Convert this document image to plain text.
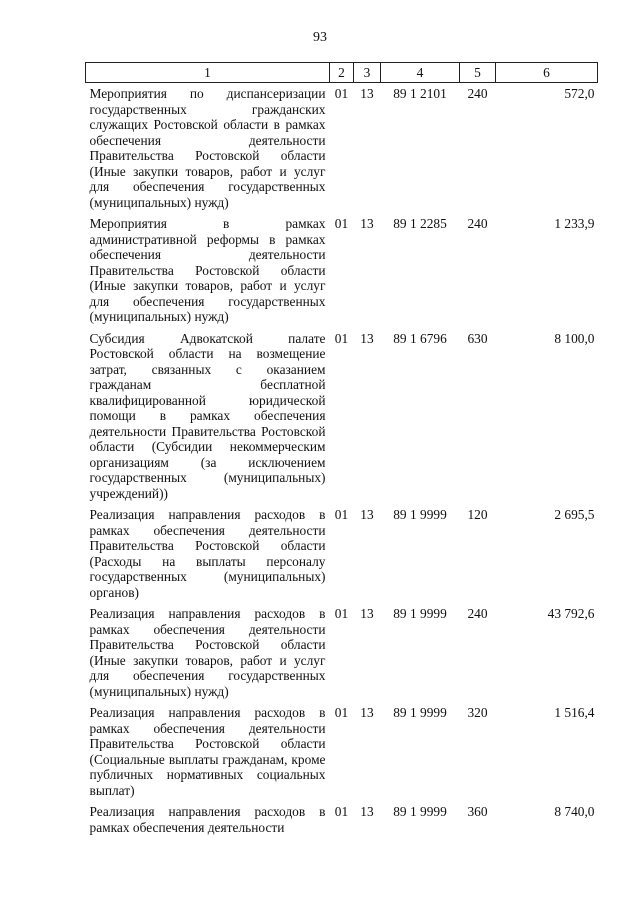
93
1	2	3	4	5	6
Мероприятия по диспансеризации государственных гражданских служащих Ростовской области в рамках обеспечения деятельности Правительства Ростовской области (Иные закупки товаров, работ и услуг для обеспечения государственных (муниципальных) нужд)	01	13	89 1 2101	240	572,0
Мероприятия в рамках административной реформы в рамках обеспечения деятельности Правительства Ростовской области (Иные закупки товаров, работ и услуг для обеспечения государственных (муниципальных) нужд)	01	13	89 1 2285	240	1 233,9
Субсидия Адвокатской палате Ростовской области на возмещение затрат, связанных с оказанием гражданам бесплатной квалифицированной юридической помощи в рамках обеспечения деятельности Правительства Ростовской области (Субсидии некоммерческим организациям (за исключением государственных (муниципальных) учреждений))	01	13	89 1 6796	630	8 100,0
Реализация направления расходов в рамках обеспечения деятельности Правительства Ростовской области (Расходы на выплаты персоналу государственных (муниципальных) органов)	01	13	89 1 9999	120	2 695,5
Реализация направления расходов в рамках обеспечения деятельности Правительства Ростовской области (Иные закупки товаров, работ и услуг для обеспечения государственных (муниципальных) нужд)	01	13	89 1 9999	240	43 792,6
Реализация направления расходов в рамках обеспечения деятельности Правительства Ростовской области (Социальные выплаты гражданам, кроме публичных нормативных социальных выплат)	01	13	89 1 9999	320	1 516,4
Реализация направления расходов в рамках обеспечения деятельности	01	13	89 1 9999	360	8 740,0
